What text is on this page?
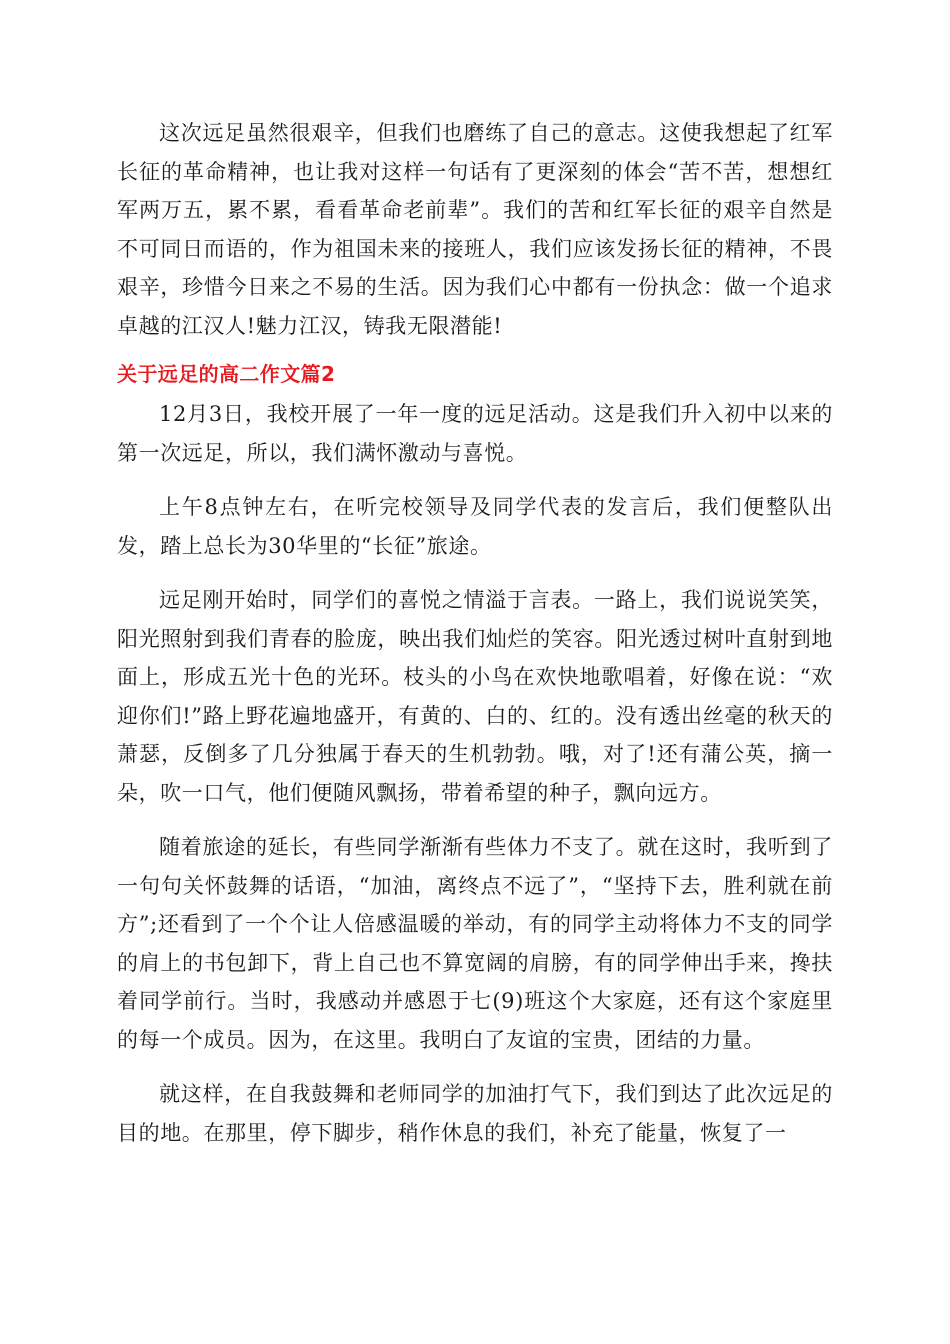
这次远足虽然很艰辛，但我们也磨练了自己的意志。这使我想起了红军长征的革命精神，也让我对这样一句话有了更深刻的体会“苦不苦，想想红军两万五，累不累，看看革命老前辈”。我们的苦和红军长征的艰辛自然是不可同日而语的，作为祖国未来的接班人，我们应该发扬长征的精神，不畏艰辛，珍惜今日来之不易的生活。因为我们心中都有一份执念：做一个追求卓越的江汉人!魅力江汉，铸我无限潜能!

关于远足的高二作文篇2

12月3日，我校开展了一年一度的远足活动。这是我们升入初中以来的第一次远足，所以，我们满怀激动与喜悦。

上午8点钟左右，在听完校领导及同学代表的发言后，我们便整队出发，踏上总长为30华里的“长征”旅途。

远足刚开始时，同学们的喜悦之情溢于言表。一路上，我们说说笑笑，阳光照射到我们青春的脸庞，映出我们灿烂的笑容。阳光透过树叶直射到地面上，形成五光十色的光环。枝头的小鸟在欢快地歌唱着，好像在说：“欢迎你们!”路上野花遍地盛开，有黄的、白的、红的。没有透出丝毫的秋天的萧瑟，反倒多了几分独属于春天的生机勃勃。哦，对了!还有蒲公英，摘一朵，吹一口气，他们便随风飘扬，带着希望的种子，飘向远方。

随着旅途的延长，有些同学渐渐有些体力不支了。就在这时，我听到了一句句关怀鼓舞的话语，“加油，离终点不远了”，“坚持下去，胜利就在前方”;还看到了一个个让人倍感温暖的举动，有的同学主动将体力不支的同学的肩上的书包卸下，背上自己也不算宽阔的肩膀，有的同学伸出手来，搀扶着同学前行。当时，我感动并感恩于七(9)班这个大家庭，还有这个家庭里的每一个成员。因为，在这里。我明白了友谊的宝贵，团结的力量。

就这样，在自我鼓舞和老师同学的加油打气下，我们到达了此次远足的目的地。在那里，停下脚步，稍作休息的我们，补充了能量，恢复了一
